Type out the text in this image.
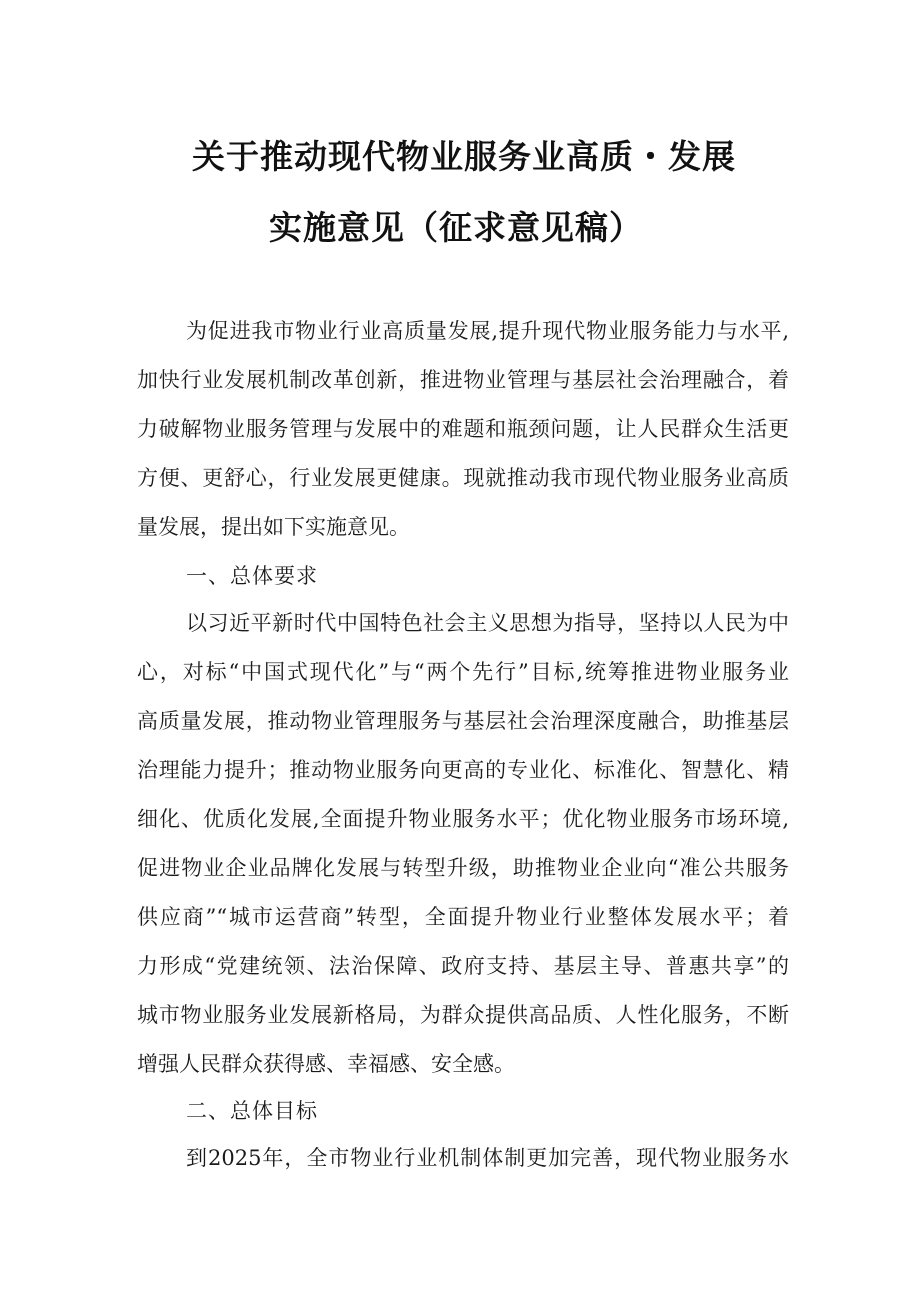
关于推动现代物业服务业高质・发展
实施意见（征求意见稿）
为促进我市物业行业高质量发展,提升现代物业服务能力与水平,
加快行业发展机制改革创新，推进物业管理与基层社会治理融合，着
力破解物业服务管理与发展中的难题和瓶颈问题，让人民群众生活更
方便、更舒心，行业发展更健康。现就推动我市现代物业服务业高质
量发展，提出如下实施意见。
一、总体要求
以习近平新时代中国特色社会主义思想为指导，坚持以人民为中
心，对标“中国式现代化”与“两个先行”目标,统筹推进物业服务业
高质量发展，推动物业管理服务与基层社会治理深度融合，助推基层
治理能力提升；推动物业服务向更高的专业化、标准化、智慧化、精
细化、优质化发展,全面提升物业服务水平；优化物业服务市场环境,
促进物业企业品牌化发展与转型升级，助推物业企业向“准公共服务
供应商”“城市运营商”转型，全面提升物业行业整体发展水平；着
力形成“党建统领、法治保障、政府支持、基层主导、普惠共享”的
城市物业服务业发展新格局，为群众提供高品质、人性化服务，不断
增强人民群众获得感、幸福感、安全感。
二、总体目标
到2025年，全市物业行业机制体制更加完善，现代物业服务水
